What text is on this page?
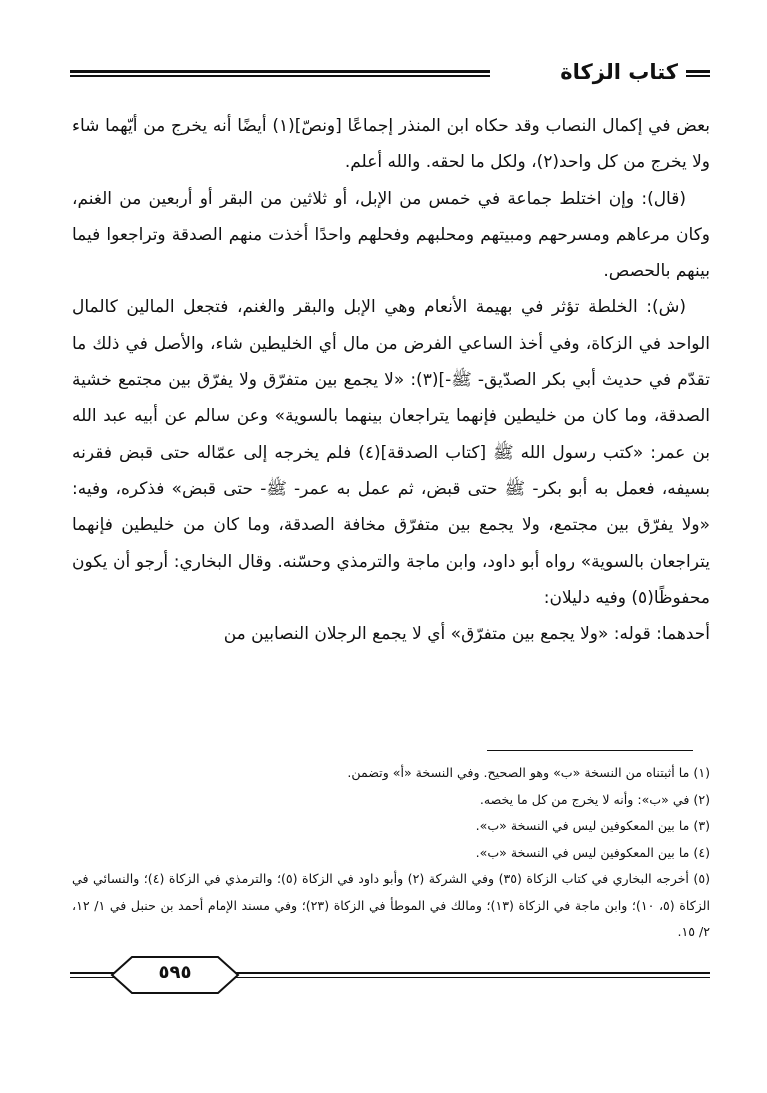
كتاب الزكاة

بعض في إكمال النصاب وقد حكاه ابن المنذر إجماعًا [ونصّ](١) أيضًا أنه يخرج من أيّهما شاء ولا يخرج من كل واحد(٢)، ولكل ما لحقه. والله أعلم.

(قال): وإن اختلط جماعة في خمس من الإبل، أو ثلاثين من البقر أو أربعين من الغنم، وكان مرعاهم ومسرحهم ومبيتهم ومحلبهم وفحلهم واحدًا أخذت منهم الصدقة وتراجعوا فيما بينهم بالحصص.

(ش): الخلطة تؤثر في بهيمة الأنعام وهي الإبل والبقر والغنم، فتجعل المالين كالمال الواحد في الزكاة، وفي أخذ الساعي الفرض من مال أي الخليطين شاء، والأصل في ذلك ما تقدّم في حديث أبي بكر الصدّيق- ﷺ-](٣): «لا يجمع بين متفرّق ولا يفرّق بين مجتمع خشية الصدقة، وما كان من خليطين فإنهما يتراجعان بينهما بالسوية» وعن سالم عن أبيه عبد الله بن عمر: «كتب رسول الله ﷺ [كتاب الصدقة](٤) فلم يخرجه إلى عمّاله حتى قبض فقرنه بسيفه، فعمل به أبو بكر- ﷺ حتى قبض، ثم عمل به عمر- ﷺ- حتى قبض» فذكره، وفيه: «ولا يفرّق بين مجتمع، ولا يجمع بين متفرّق مخافة الصدقة، وما كان من خليطين فإنهما يتراجعان بالسوية» رواه أبو داود، وابن ماجة والترمذي وحسّنه. وقال البخاري: أرجو أن يكون محفوظًا(٥) وفيه دليلان:

أحدهما: قوله: «ولا يجمع بين متفرّق» أي لا يجمع الرجلان النصابين من

(١) ما أثبتناه من النسخة «ب» وهو الصحيح. وفي النسخة «أ» وتضمن.

(٢) في «ب»: وأنه لا يخرج من كل ما يخصه.

(٣) ما بين المعكوفين ليس في النسخة «ب».

(٤) ما بين المعكوفين ليس في النسخة «ب».

(٥) أخرجه البخاري في كتاب الزكاة (٣٥) وفي الشركة (٢) وأبو داود في الزكاة (٥)؛ والترمذي في الزكاة (٤)؛ والنسائي في الزكاة (٥، ١٠)؛ وابن ماجة في الزكاة (١٣)؛ ومالك في الموطأ في الزكاة (٢٣)؛ وفي مسند الإمام أحمد بن حنبل في ١/ ١٢، ٢/ ١٥.

٥٩٥
